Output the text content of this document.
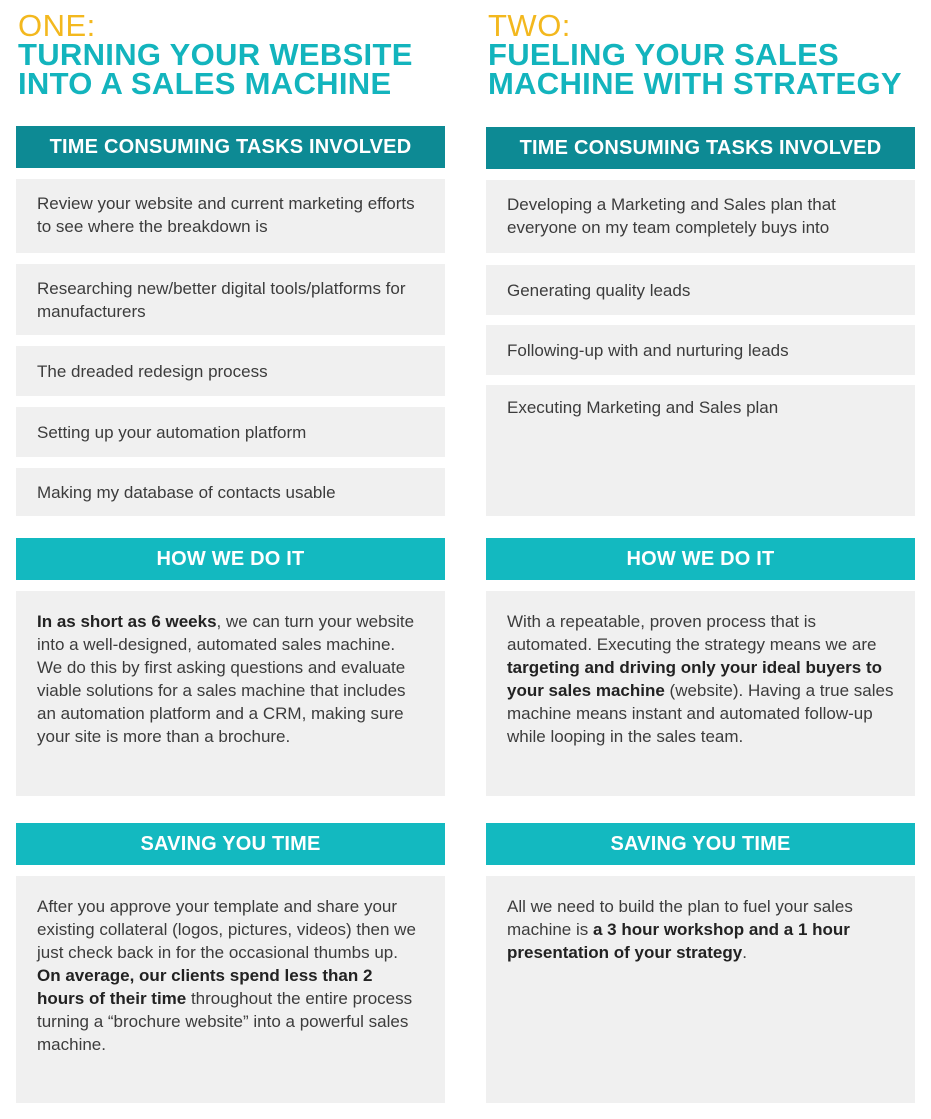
ONE:
TURNING YOUR WEBSITE INTO A SALES MACHINE
TIME CONSUMING TASKS INVOLVED
Review your website and current marketing efforts to see where the breakdown is
Researching new/better digital tools/platforms for manufacturers
The dreaded redesign process
Setting up your automation platform
Making my database of contacts usable
HOW WE DO IT
In as short as 6 weeks, we can turn your website into a well-designed, automated sales machine. We do this by first asking questions and evaluate viable solutions for a sales machine that includes an automation platform and a CRM, making sure your site is more than a brochure.
SAVING YOU TIME
After you approve your template and share your existing collateral (logos, pictures, videos) then we just check back in for the occasional thumbs up. On average, our clients spend less than 2 hours of their time throughout the entire process turning a “brochure website” into a powerful sales machine.
TWO:
FUELING YOUR SALES MACHINE WITH STRATEGY
TIME CONSUMING TASKS INVOLVED
Developing a Marketing and Sales plan that everyone on my team completely buys into
Generating quality leads
Following-up with and nurturing leads
Executing Marketing and Sales plan
HOW WE DO IT
With a repeatable, proven process that is automated. Executing the strategy means we are targeting and driving only your ideal buyers to your sales machine (website). Having a true sales machine means instant and automated follow-up while looping in the sales team.
SAVING YOU TIME
All we need to build the plan to fuel your sales machine is a 3 hour workshop and a 1 hour presentation of your strategy.
